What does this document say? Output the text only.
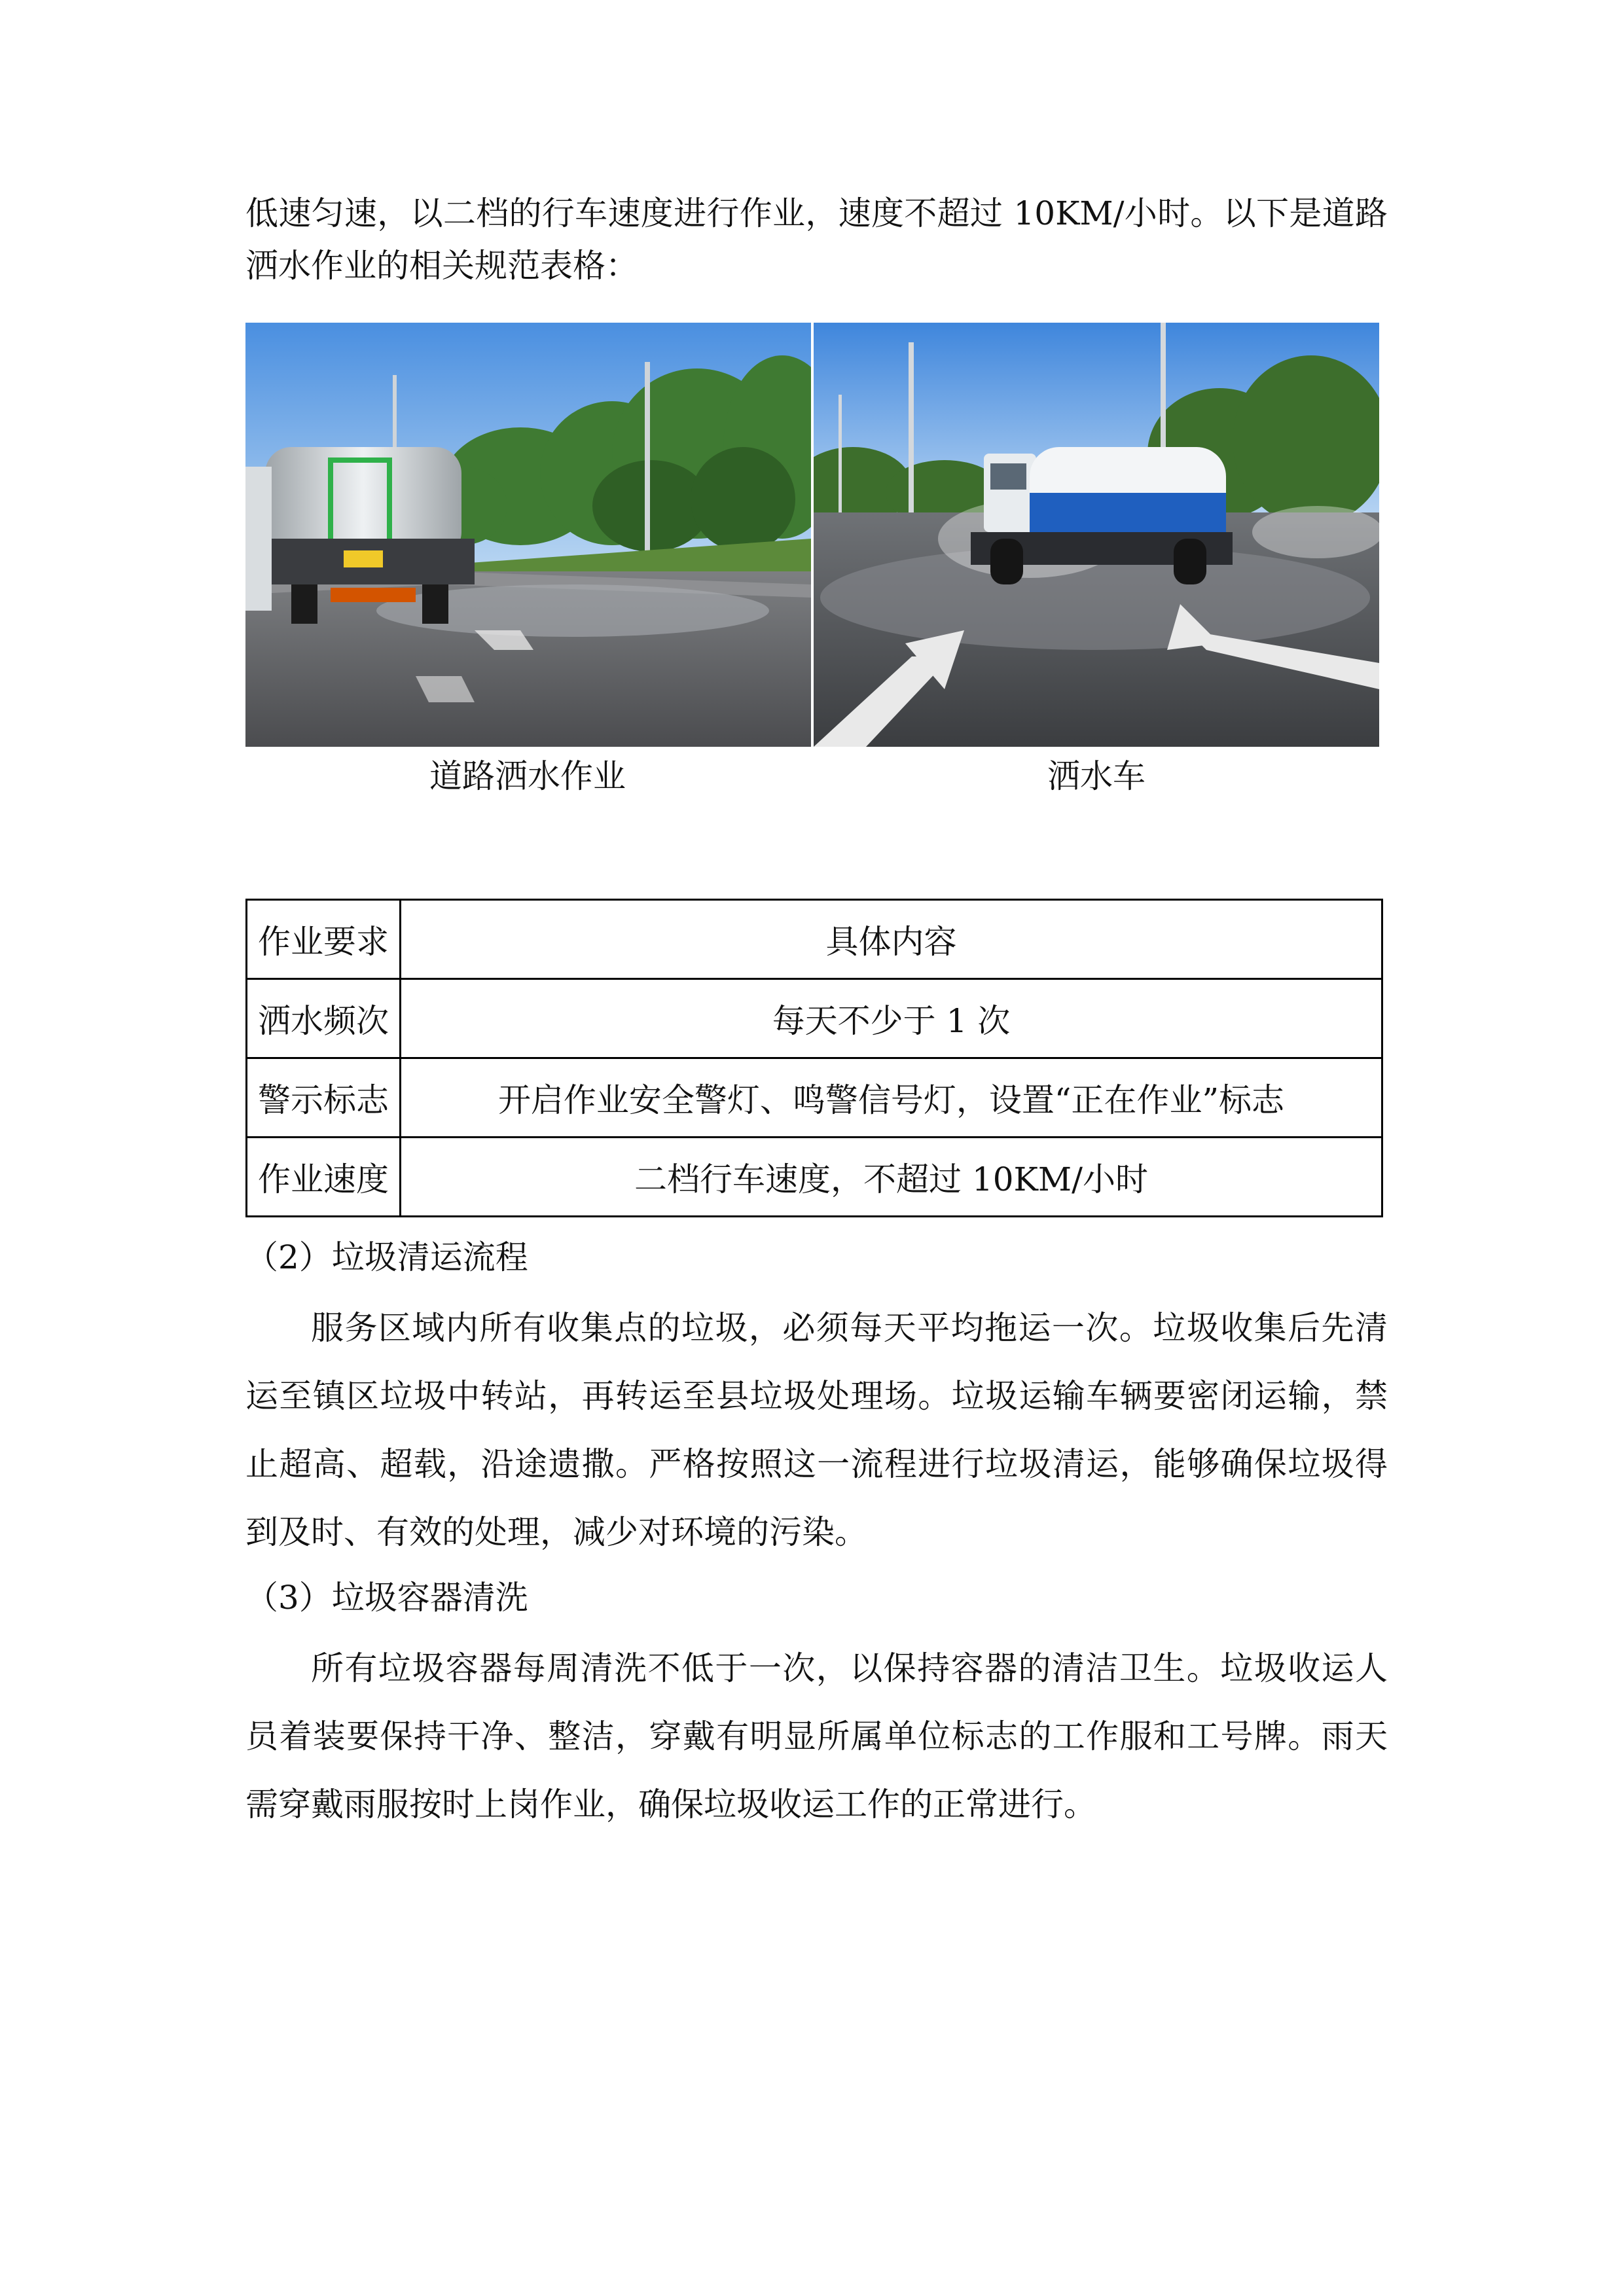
低速匀速，以二档的行车速度进行作业，速度不超过 10KM/小时。以下是道路
洒水作业的相关规范表格：
道路洒水作业	洒水车
作业要求	具体内容
洒水频次	每天不少于 1 次
警示标志	开启作业安全警灯、鸣警信号灯，设置“正在作业”标志
作业速度	二档行车速度，不超过 10KM/小时
（2）垃圾清运流程
服务区域内所有收集点的垃圾，必须每天平均拖运一次。垃圾收集后先清
运至镇区垃圾中转站，再转运至县垃圾处理场。垃圾运输车辆要密闭运输，禁
止超高、超载，沿途遗撒。严格按照这一流程进行垃圾清运，能够确保垃圾得
到及时、有效的处理，减少对环境的污染。
（3）垃圾容器清洗
所有垃圾容器每周清洗不低于一次，以保持容器的清洁卫生。垃圾收运人
员着装要保持干净、整洁，穿戴有明显所属单位标志的工作服和工号牌。雨天
需穿戴雨服按时上岗作业，确保垃圾收运工作的正常进行。
